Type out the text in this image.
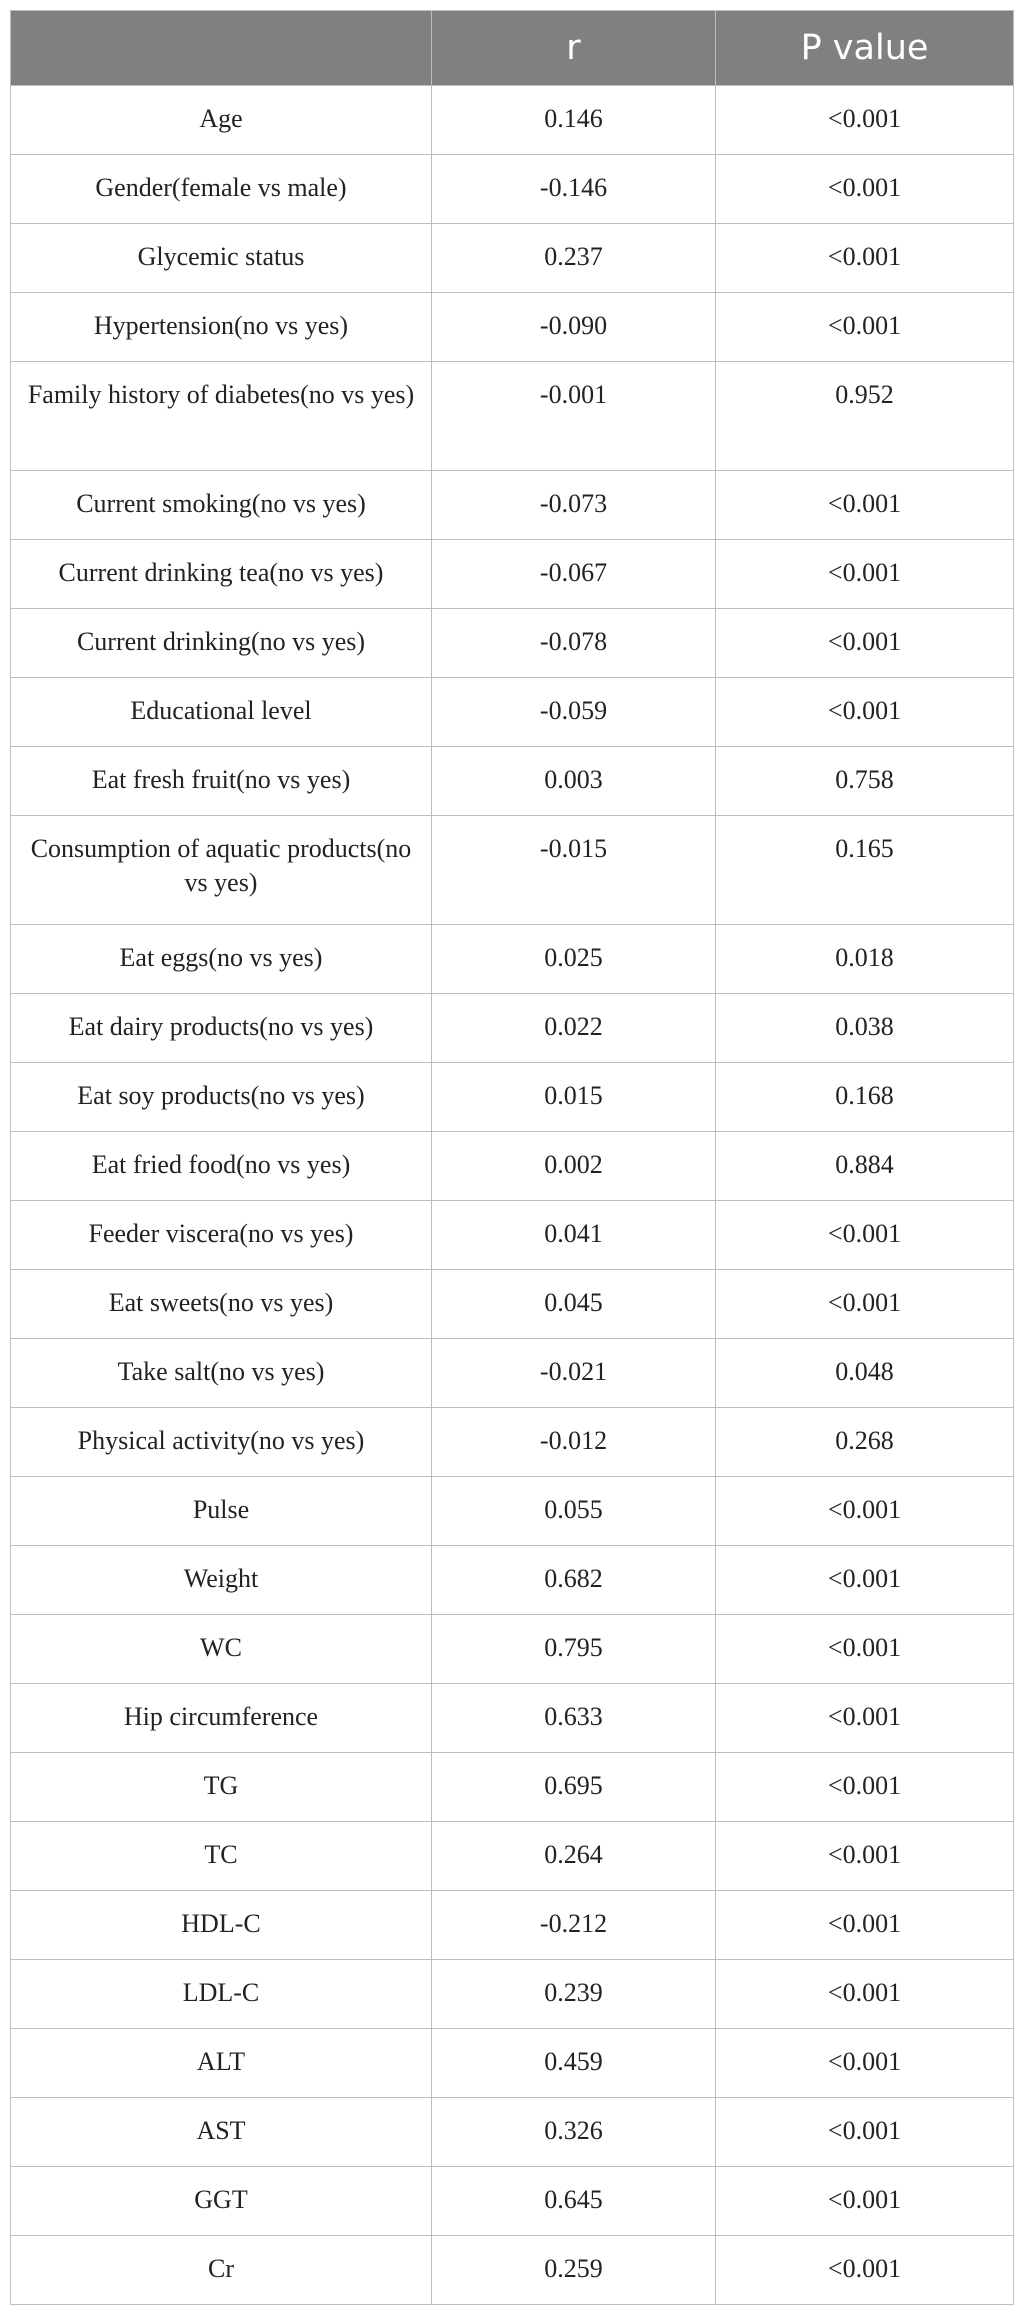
	r	P value
Age	0.146	<0.001
Gender(female vs male)	-0.146	<0.001
Glycemic status	0.237	<0.001
Hypertension(no vs yes)	-0.090	<0.001
Family history of diabetes(no vs yes)	-0.001	0.952
Current smoking(no vs yes)	-0.073	<0.001
Current drinking tea(no vs yes)	-0.067	<0.001
Current drinking(no vs yes)	-0.078	<0.001
Educational level	-0.059	<0.001
Eat fresh fruit(no vs yes)	0.003	0.758
Consumption of aquatic products(no vs yes)	-0.015	0.165
Eat eggs(no vs yes)	0.025	0.018
Eat dairy products(no vs yes)	0.022	0.038
Eat soy products(no vs yes)	0.015	0.168
Eat fried food(no vs yes)	0.002	0.884
Feeder viscera(no vs yes)	0.041	<0.001
Eat sweets(no vs yes)	0.045	<0.001
Take salt(no vs yes)	-0.021	0.048
Physical activity(no vs yes)	-0.012	0.268
Pulse	0.055	<0.001
Weight	0.682	<0.001
WC	0.795	<0.001
Hip circumference	0.633	<0.001
TG	0.695	<0.001
TC	0.264	<0.001
HDL-C	-0.212	<0.001
LDL-C	0.239	<0.001
ALT	0.459	<0.001
AST	0.326	<0.001
GGT	0.645	<0.001
Cr	0.259	<0.001
